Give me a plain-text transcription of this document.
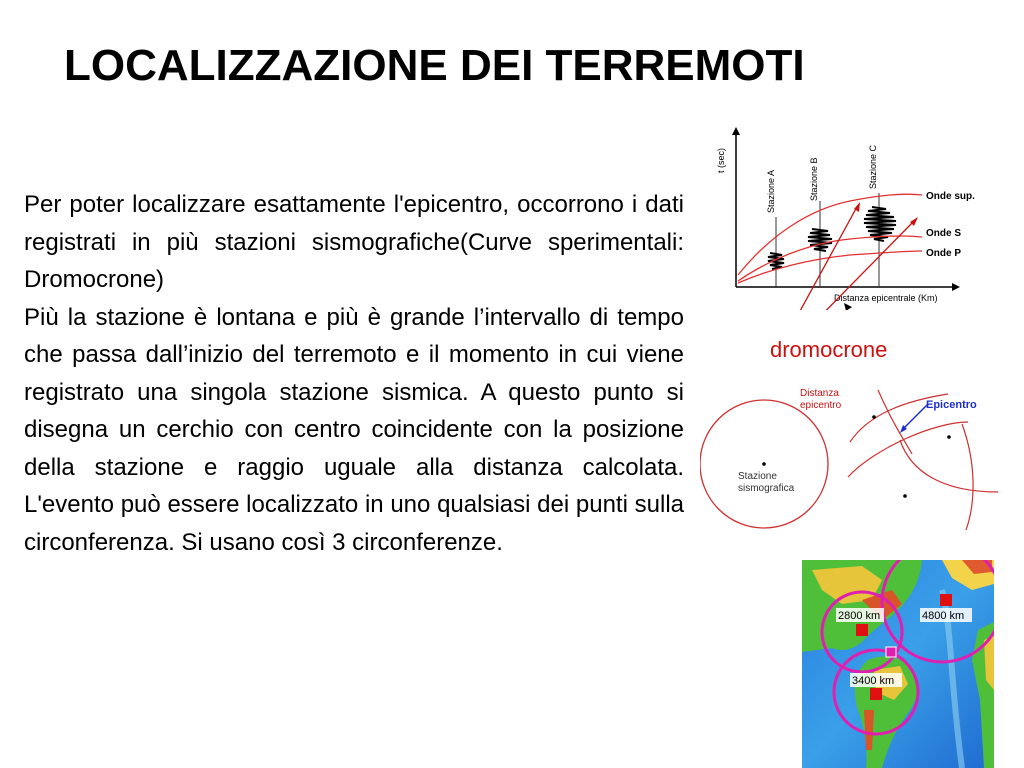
LOCALIZZAZIONE DEI TERREMOTI

Per poter localizzare esattamente l'epicentro, occorrono i dati registrati in più stazioni sismografiche(Curve sperimentali: Dromocrone)

Più la stazione è lontana e più è grande l’intervallo di tempo che passa dall’inizio del terremoto e il momento in cui viene registrato una singola stazione sismica. A questo punto si disegna un cerchio con centro coincidente con la posizione della stazione e raggio uguale alla distanza calcolata. L'evento può essere localizzato in uno qualsiasi dei punti sulla circonferenza. Si usano così 3 circonferenze.

t (sec)
Stazione A	Stazione B	Stazione C
Onde sup.
Onde S
Onde P
Distanza epicentrale (Km)
dromocrone
Stazione sismografica
Distanza epicentro	Epicentro
2800 km	4800 km
3400 km
